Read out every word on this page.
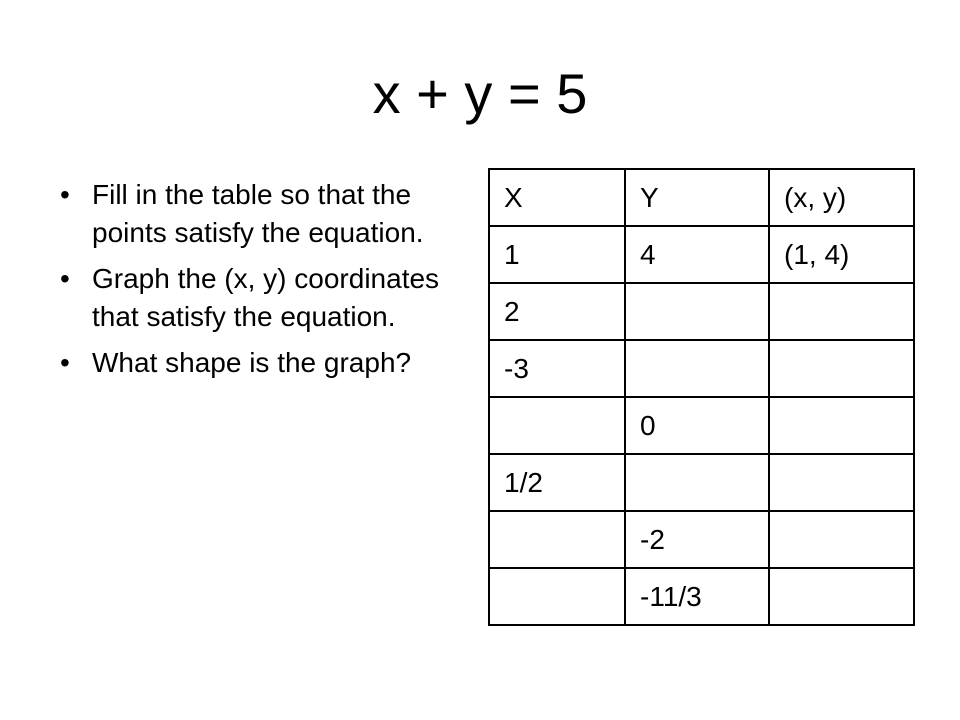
x + y = 5
• Fill in the table so that the points satisfy the equation.
• Graph the (x, y) coordinates that satisfy the equation.
• What shape is the graph?
X	Y	(x, y)
1	4	(1, 4)
2		
-3		
	0	
1/2		
	-2	
	-11/3	
